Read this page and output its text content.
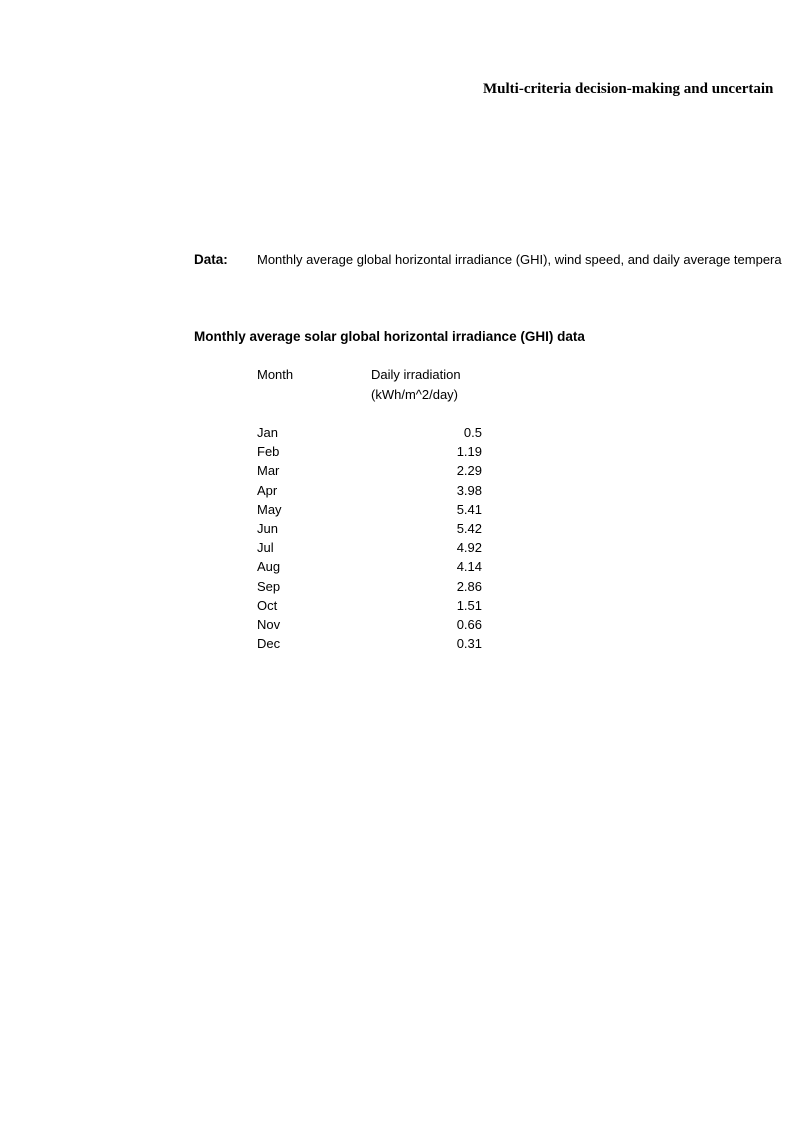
Multi-criteria decision-making and uncertain
Data: Monthly average global horizontal irradiance (GHI), wind speed, and daily average tempera
Monthly average solar global horizontal irradiance (GHI) data
Month	Daily irradiation
(kWh/m^2/day)
Jan	0.5
Feb	1.19
Mar	2.29
Apr	3.98
May	5.41
Jun	5.42
Jul	4.92
Aug	4.14
Sep	2.86
Oct	1.51
Nov	0.66
Dec	0.31
